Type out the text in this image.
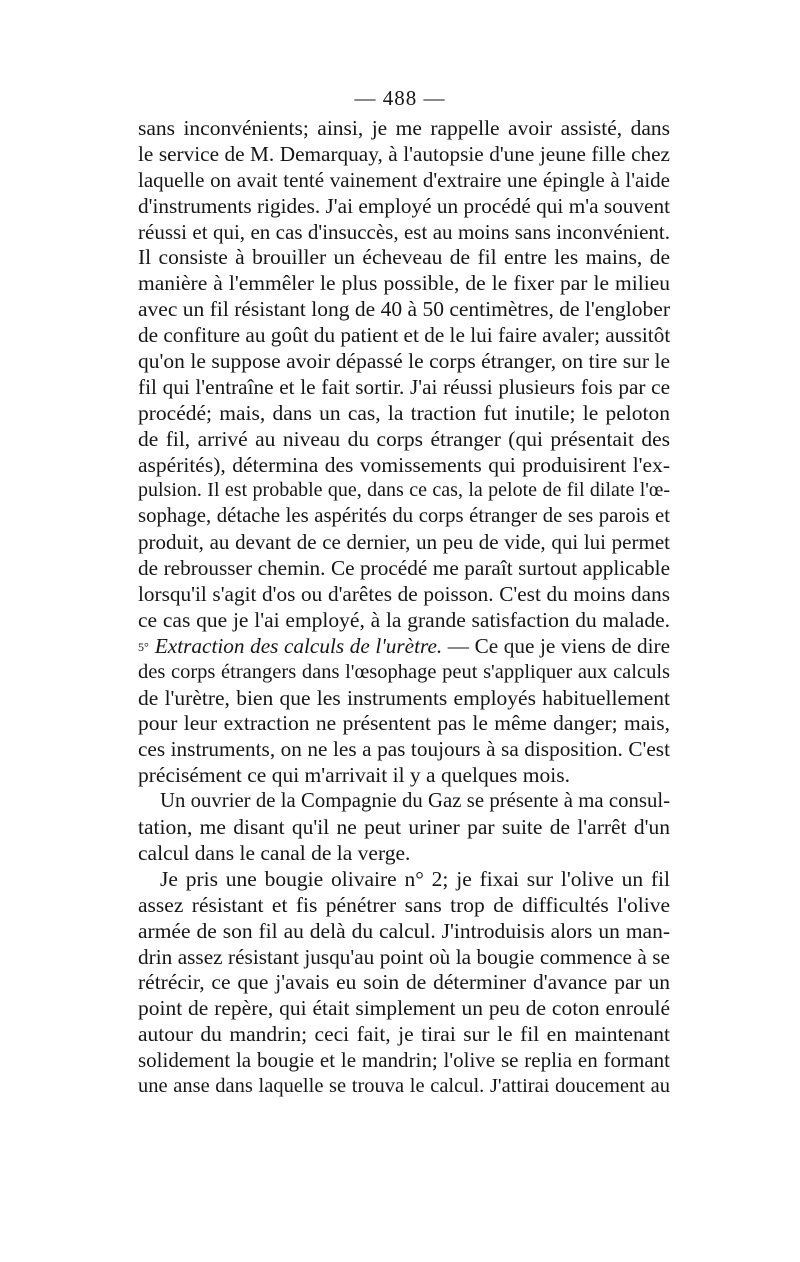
— 488 —
sans inconvénients; ainsi, je me rappelle avoir assisté, dans
le service de M. Demarquay, à l'autopsie d'une jeune fille chez
laquelle on avait tenté vainement d'extraire une épingle à l'aide
d'instruments rigides. J'ai employé un procédé qui m'a souvent
réussi et qui, en cas d'insuccès, est au moins sans inconvénient.
Il consiste à brouiller un écheveau de fil entre les mains, de
manière à l'emmêler le plus possible, de le fixer par le milieu
avec un fil résistant long de 40 à 50 centimètres, de l'englober
de confiture au goût du patient et de le lui faire avaler; aussitôt
qu'on le suppose avoir dépassé le corps étranger, on tire sur le
fil qui l'entraîne et le fait sortir. J'ai réussi plusieurs fois par ce
procédé; mais, dans un cas, la traction fut inutile; le peloton
de fil, arrivé au niveau du corps étranger (qui présentait des
aspérités), détermina des vomissements qui produisirent l'ex-
pulsion. Il est probable que, dans ce cas, la pelote de fil dilate l'œ-
sophage, détache les aspérités du corps étranger de ses parois et
produit, au devant de ce dernier, un peu de vide, qui lui permet
de rebrousser chemin. Ce procédé me paraît surtout applicable
lorsqu'il s'agit d'os ou d'arêtes de poisson. C'est du moins dans
ce cas que je l'ai employé, à la grande satisfaction du malade.
5° Extraction des calculs de l'urètre. — Ce que je viens de dire
des corps étrangers dans l'œsophage peut s'appliquer aux calculs
de l'urètre, bien que les instruments employés habituellement
pour leur extraction ne présentent pas le même danger; mais,
ces instruments, on ne les a pas toujours à sa disposition. C'est
précisément ce qui m'arrivait il y a quelques mois.
Un ouvrier de la Compagnie du Gaz se présente à ma consul-
tation, me disant qu'il ne peut uriner par suite de l'arrêt d'un
calcul dans le canal de la verge.
Je pris une bougie olivaire n° 2; je fixai sur l'olive un fil
assez résistant et fis pénétrer sans trop de difficultés l'olive
armée de son fil au delà du calcul. J'introduisis alors un man-
drin assez résistant jusqu'au point où la bougie commence à se
rétrécir, ce que j'avais eu soin de déterminer d'avance par un
point de repère, qui était simplement un peu de coton enroulé
autour du mandrin; ceci fait, je tirai sur le fil en maintenant
solidement la bougie et le mandrin; l'olive se replia en formant
une anse dans laquelle se trouva le calcul. J'attirai doucement au
